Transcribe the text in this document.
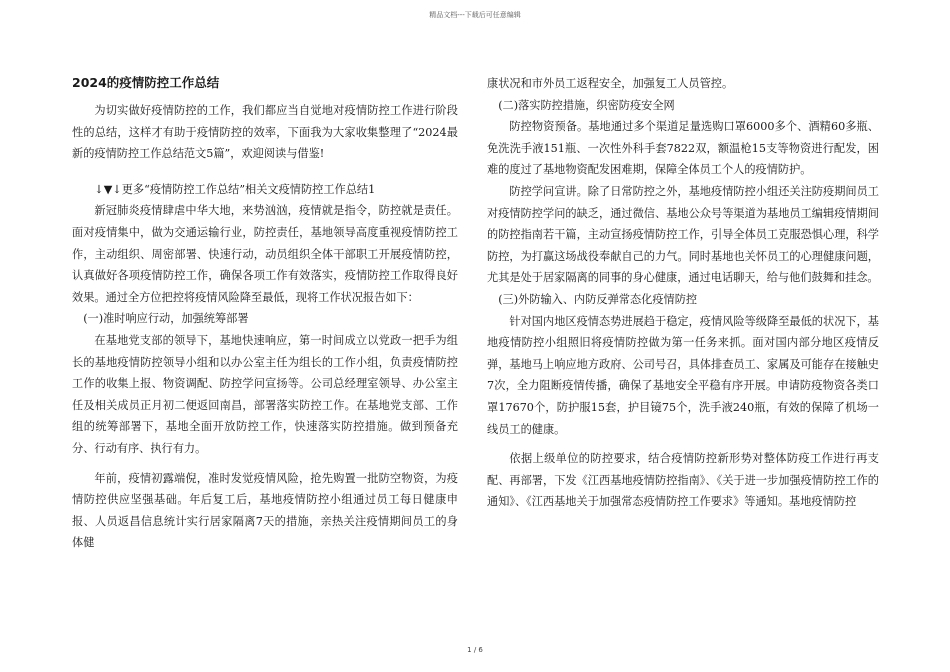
精品文档---下载后可任意编辑
2024的疫情防控工作总结

为切实做好疫情防控的工作，我们都应当自觉地对疫情防控工作进行阶段性的总结，这样才有助于疫情防控的效率，下面我为大家收集整理了“2024最新的疫情防控工作总结范文5篇”，欢迎阅读与借鉴!

↓▼↓更多“疫情防控工作总结”相关文疫情防控工作总结1

新冠肺炎疫情肆虐中华大地，来势汹汹，疫情就是指令，防控就是责任。面对疫情集中，做为交通运输行业，防控责任，基地领导高度重视疫情防控工作，主动组织、周密部署、快速行动，动员组织全体干部职工开展疫情防控，认真做好各项疫情防控工作，确保各项工作有效落实，疫情防控工作取得良好效果。通过全方位把控将疫情风险降至最低，现将工作状况报告如下：

(一)准时响应行动，加强统筹部署

在基地党支部的领导下，基地快速响应，第一时间成立以党政一把手为组长的基地疫情防控领导小组和以办公室主任为组长的工作小组，负责疫情防控工作的收集上报、物资调配、防控学问宣扬等。公司总经理室领导、办公室主任及相关成员正月初二便返回南昌，部署落实防控工作。在基地党支部、工作组的统筹部署下，基地全面开放防控工作，快速落实防控措施。做到预备充分、行动有序、执行有力。

年前，疫情初露端倪，准时发觉疫情风险，抢先购置一批防空物资，为疫情防控供应坚强基础。年后复工后，基地疫情防控小组通过员工每日健康申报、人员返昌信息统计实行居家隔离7天的措施，亲热关注疫情期间员工的身体健

康状况和市外员工返程安全，加强复工人员管控。

(二)落实防控措施，织密防疫安全网

防控物资预备。基地通过多个渠道足量选购口罩6000多个、酒精60多瓶、免洗洗手液151瓶、一次性外科手套7822双，额温枪15支等物资进行配发，困难的度过了基地物资配发困难期，保障全体员工个人的疫情防护。

防控学问宣讲。除了日常防控之外，基地疫情防控小组还关注防疫期间员工对疫情防控学问的缺乏，通过微信、基地公众号等渠道为基地员工编辑疫情期间的防控指南若干篇，主动宣扬疫情防控工作，引导全体员工克服恐惧心理，科学防控，为打赢这场战役奉献自己的力气。同时基地也关怀员工的心理健康问题，尤其是处于居家隔离的同事的身心健康，通过电话聊天，给与他们鼓舞和挂念。

(三)外防输入、内防反弹常态化疫情防控

针对国内地区疫情态势进展趋于稳定，疫情风险等级降至最低的状况下，基地疫情防控小组照旧将疫情防控做为第一任务来抓。面对国内部分地区疫情反弹，基地马上响应地方政府、公司号召，具体排查员工、家属及可能存在接触史7次，全力阻断疫情传播，确保了基地安全平稳有序开展。申请防疫物资各类口罩17670个，防护服15套，护目镜75个，洗手液240瓶，有效的保障了机场一线员工的健康。

依据上级单位的防控要求，结合疫情防控新形势对整体防疫工作进行再支配、再部署，下发《江西基地疫情防控指南》、《关于进一步加强疫情防控工作的通知》、《江西基地关于加强常态疫情防控工作要求》等通知。基地疫情防控

1 / 6
